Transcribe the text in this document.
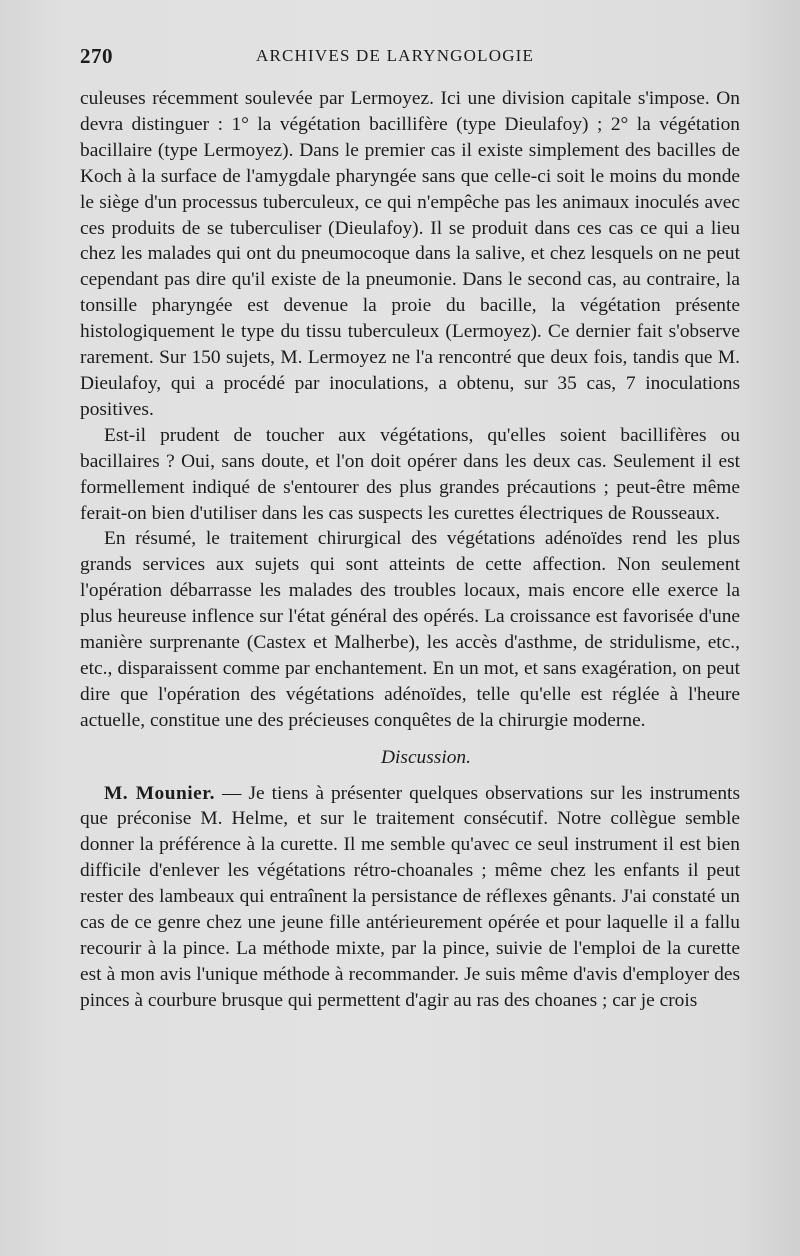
270	ARCHIVES DE LARYNGOLOGIE

culeuses récemment soulevée par Lermoyez. Ici une division capitale s'impose. On devra distinguer : 1° la végétation bacillifère (type Dieulafoy) ; 2° la végétation bacillaire (type Lermoyez). Dans le premier cas il existe simplement des bacilles de Koch à la surface de l'amygdale pharyngée sans que celle-ci soit le moins du monde le siège d'un processus tuberculeux, ce qui n'empêche pas les animaux inoculés avec ces produits de se tuberculiser (Dieulafoy). Il se produit dans ces cas ce qui a lieu chez les malades qui ont du pneumocoque dans la salive, et chez lesquels on ne peut cependant pas dire qu'il existe de la pneumonie. Dans le second cas, au contraire, la tonsille pharyngée est devenue la proie du bacille, la végétation présente histologiquement le type du tissu tuberculeux (Lermoyez). Ce dernier fait s'observe rarement. Sur 150 sujets, M. Lermoyez ne l'a rencontré que deux fois, tandis que M. Dieulafoy, qui a procédé par inoculations, a obtenu, sur 35 cas, 7 inoculations positives.

Est-il prudent de toucher aux végétations, qu'elles soient bacillifères ou bacillaires ? Oui, sans doute, et l'on doit opérer dans les deux cas. Seulement il est formellement indiqué de s'entourer des plus grandes précautions ; peut-être même ferait-on bien d'utiliser dans les cas suspects les curettes électriques de Rousseaux.

En résumé, le traitement chirurgical des végétations adénoïdes rend les plus grands services aux sujets qui sont atteints de cette affection. Non seulement l'opération débarrasse les malades des troubles locaux, mais encore elle exerce la plus heureuse inflence sur l'état général des opérés. La croissance est favorisée d'une manière surprenante (Castex et Malherbe), les accès d'asthme, de stridulisme, etc., etc., disparaissent comme par enchantement. En un mot, et sans exagération, on peut dire que l'opération des végétations adénoïdes, telle qu'elle est réglée à l'heure actuelle, constitue une des précieuses conquêtes de la chirurgie moderne.

Discussion.

M. Mounier. — Je tiens à présenter quelques observations sur les instruments que préconise M. Helme, et sur le traitement consécutif. Notre collègue semble donner la préférence à la curette. Il me semble qu'avec ce seul instrument il est bien difficile d'enlever les végétations rétro-choanales ; même chez les enfants il peut rester des lambeaux qui entraînent la persistance de réflexes gênants. J'ai constaté un cas de ce genre chez une jeune fille antérieurement opérée et pour laquelle il a fallu recourir à la pince. La méthode mixte, par la pince, suivie de l'emploi de la curette est à mon avis l'unique méthode à recommander. Je suis même d'avis d'employer des pinces à courbure brusque qui permettent d'agir au ras des choanes ; car je crois
